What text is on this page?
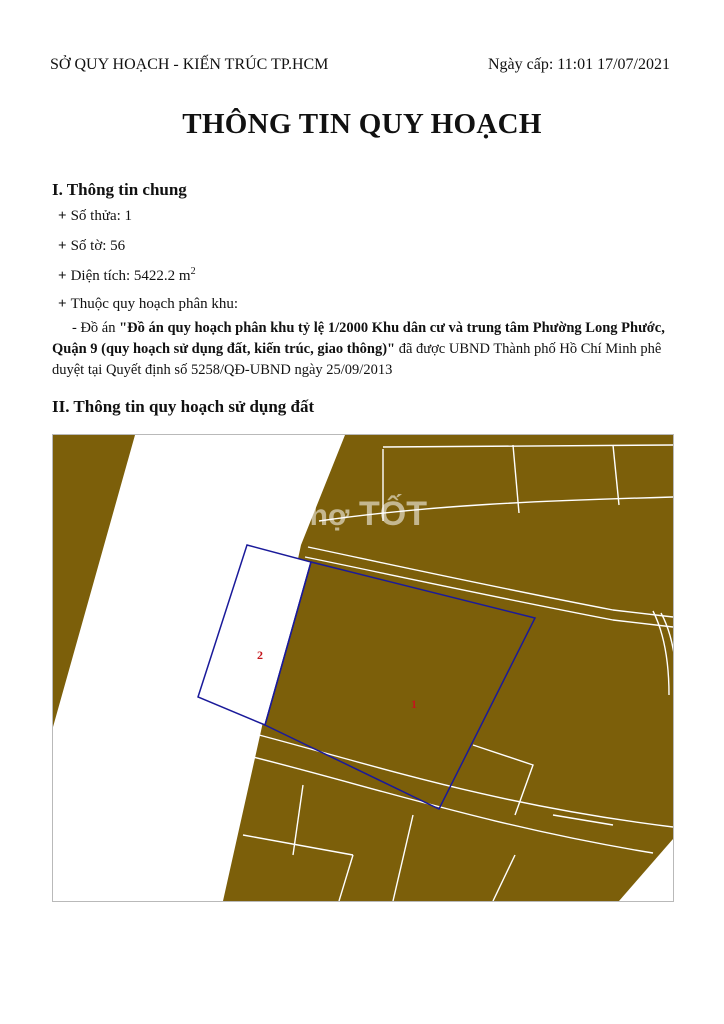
SỞ QUY HOẠCH - KIẾN TRÚC TP.HCM	Ngày cấp: 11:01 17/07/2021
THÔNG TIN QUY HOẠCH
I. Thông tin chung
+ Số thửa: 1
+ Số tờ: 56
+ Diện tích: 5422.2 $m^2$
+ Thuộc quy hoạch phân khu:
- Đồ án "Đồ án quy hoạch phân khu tỷ lệ 1/2000 Khu dân cư và trung tâm Phường Long Phước, Quận 9 (quy hoạch sử dụng đất, kiến trúc, giao thông)" đã được UBND Thành phố Hồ Chí Minh phê duyệt tại Quyết định số 5258/QĐ-UBND ngày 25/09/2013
II. Thông tin quy hoạch sử dụng đất
2
1
chợ TỐT
